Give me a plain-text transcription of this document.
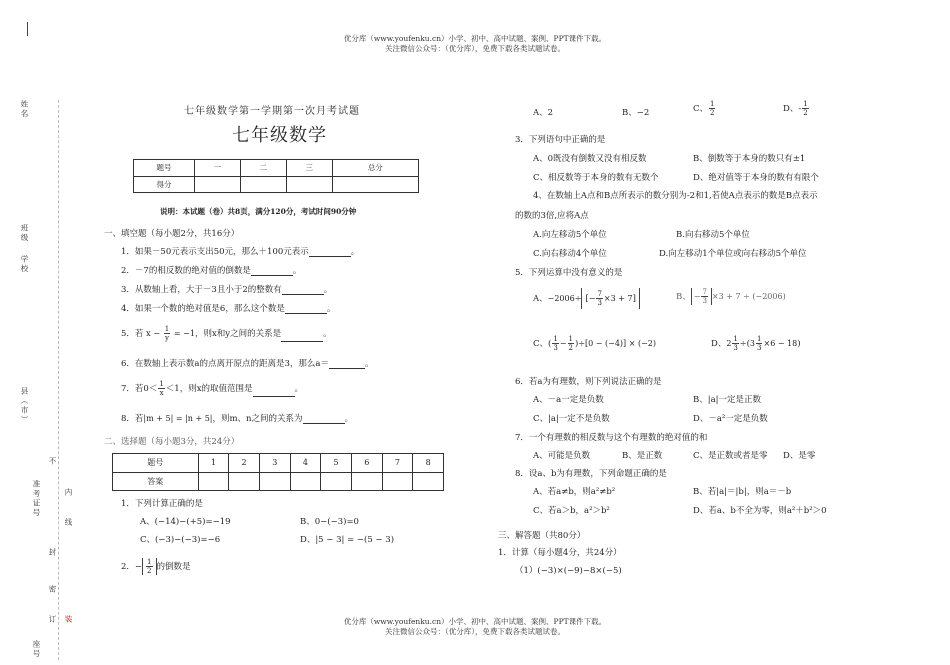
优分库（www.youfenku.cn）小学、初中、高中试题、案例、PPT课件下载。
关注微信公众号：（优分库），免费下载各类试题试卷。
姓名
班级
学校
县（市）
准考证号
座号
不
内
线
封
密
订 装
七年级数学第一学期第一次月考试题
七年级数学
题号	一	二	三	总分
得分				
说明：本试题（卷）共8页，满分120分，考试时间90分钟
一、填空题（每小题2分，共16分）
1．如果－50元表示支出50元，那么＋100元表示	。
2．－7的相反数的绝对值的倒数是	。
3．从数轴上看，大于－3且小于2的整数有	。
4．如果一个数的绝对值是6，那么这个数是	。
5．若 $x - \frac{1}{y} = -1$，则x和y之间的关系是	。
6．在数轴上表示数a的点离开原点的距离是3，那么a＝	。
7．若$0< \frac{1}{x} <1$，则x的取值范围是	。
8．若|m + 5| = |n + 5|，则m、n之间的关系为	。
二、选择题（每小题3分，共24分）
题号	1	2	3	4	5	6	7	8
答案								
1．下列计算正确的是
A、(−14)−(+5)=−19	B、0−(−3)=0
C、(−3)−(−3)=−6	D、|5 − 3| = −(5 − 3)
2．− $\frac{1}{2}$ 的倒数是
A、2	B、−2	C、 $\frac{1}{2}$	D、- $\frac{1}{2}$
3．下列语句中正确的是
A、0既没有倒数又没有相反数	B、倒数等于本身的数只有±1
C、相反数等于本身的数有无数个	D、绝对值等于本身的数有有限个
4、在数轴上A点和B点所表示的数分别为-2和1,若使A点表示的数是B点表示
的数的3倍,应将A点
A.向左移动5个单位	B.向右移动5个单位
C.向右移动4个单位	D.向左移动1个单位或向右移动5个单位
5．下列运算中没有意义的是
A、−2006÷ [− $\frac{7}{3} \times 3 + 7$]	B、 − $\frac{7}{3} \times 3 + 7 \div (-2006)$
C、( $\frac{1}{3} - \frac{1}{2} )\div[0 - (-4)] \times (-2)$	D、$2 \frac{1}{3} \div(3 \frac{1}{3} \times 6 - 18)$
6．若a为有理数，则下列说法正确的是
A、－a一定是负数	B、|a|一定是正数
C、|a|一定不是负数	D、－a²一定是负数
7．一个有理数的相反数与这个有理数的绝对值的和
A、可能是负数	B、是正数	C、是正数或者是零 D、是零
8．设a、b为有理数，下列命题正确的是
A、若a≠b，则a²≠b²	B、若|a|＝|b|，则a＝－b
C、若a＞b，a²＞b²	D、若a、b不全为零，则a²＋b²＞0
三、解答题（共80分）
1．计算（每小题4分，共24分）
（1）(−3)×(−9)−8×(−5)
优分库（www.youfenku.cn）小学、初中、高中试题、案例、PPT课件下载。
关注微信公众号：（优分库），免费下载各类试题试卷。
